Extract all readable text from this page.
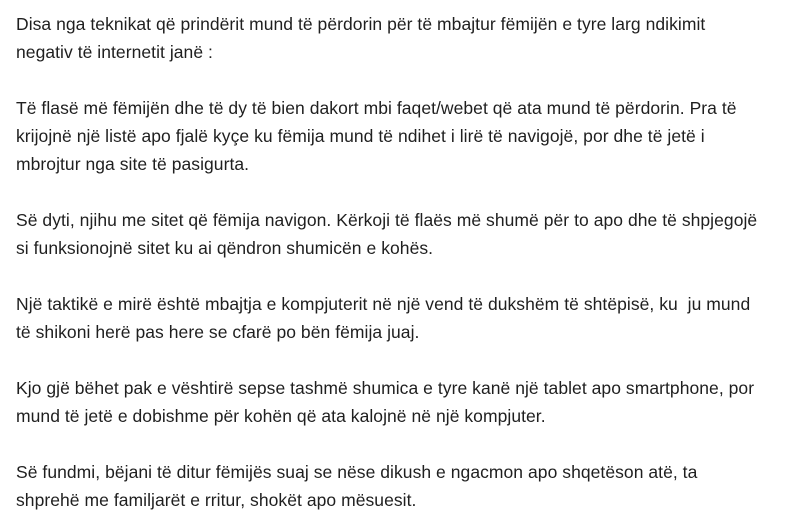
Disa nga teknikat që prindërit mund të përdorin për të mbajtur fëmijën e tyre larg ndikimit negativ të internetit janë :

Të flasë më fëmijën dhe të dy të bien dakort mbi faqet/webet që ata mund të përdorin. Pra të krijojnë një listë apo fjalë kyçe ku fëmija mund të ndihet i lirë të navigojë, por dhe të jetë i mbrojtur nga site të pasigurta.

Së dyti, njihu me sitet që fëmija navigon. Kërkoji të flaës më shumë për to apo dhe të shpjegojë si funksionojnë sitet ku ai qëndron shumicën e kohës.

Një taktikë e mirë është mbajtja e kompjuterit në një vend të dukshëm të shtëpisë, ku  ju mund të shikoni herë pas here se cfarë po bën fëmija juaj.

Kjo gjë bëhet pak e vështirë sepse tashmë shumica e tyre kanë një tablet apo smartphone, por mund të jetë e dobishme për kohën që ata kalojnë në një kompjuter.

Së fundmi, bëjani të ditur fëmijës suaj se nëse dikush e ngacmon apo shqetëson atë, ta shprehë me familjarët e rritur, shokët apo mësuesit.
